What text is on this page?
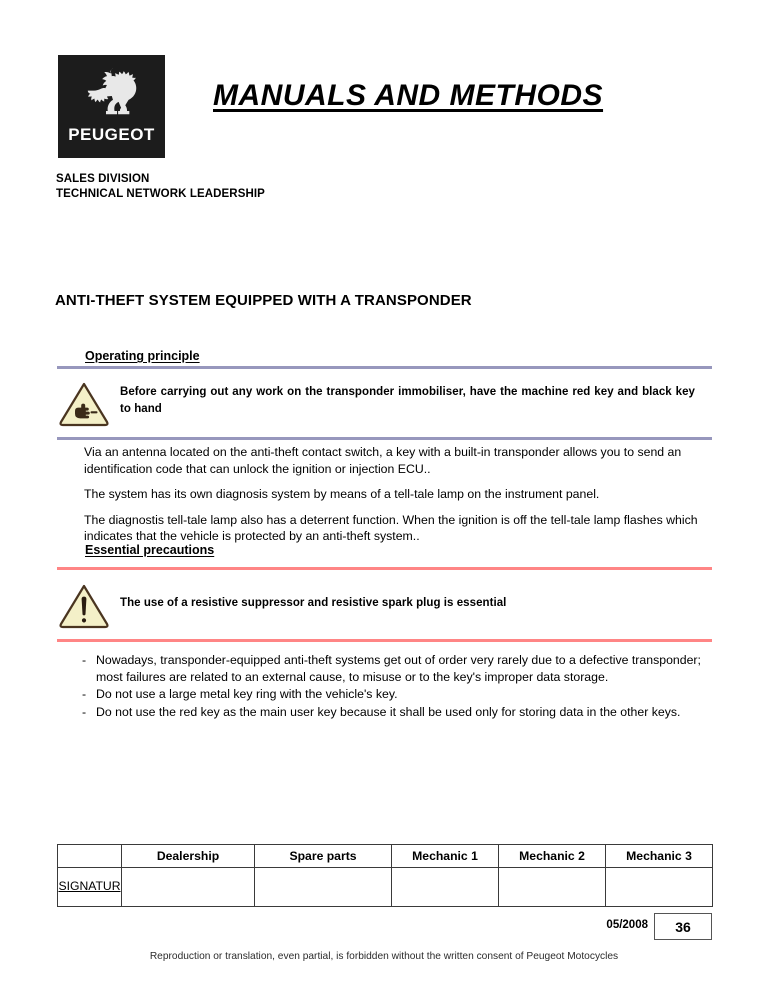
PEUGEOT
MANUALS AND METHODS
SALES DIVISION
TECHNICAL NETWORK LEADERSHIP
ANTI-THEFT SYSTEM EQUIPPED WITH A TRANSPONDER
Operating principle
Before carrying out any work on the transponder immobiliser, have the machine red key and black key to hand

Via an antenna located on the anti-theft contact switch, a key with a built-in transponder allows you to send an identification code that can unlock the ignition or injection ECU..

The system has its own diagnosis system by means of a tell-tale lamp on the instrument panel.

The diagnostis tell-tale lamp also has a deterrent function. When the ignition is off the tell-tale lamp flashes which indicates that the vehicle is protected by an anti-theft system..

Essential precautions
The use of a resistive suppressor and resistive spark plug is essential
- Nowadays, transponder-equipped anti-theft systems get out of order very rarely due to a defective transponder; most failures are related to an external cause, to misuse or to the key's improper data storage.
- Do not use a large metal key ring with the vehicle's key.
- Do not use the red key as the main user key because it shall be used only for storing data in the other keys.
	Dealership	Spare parts	Mechanic 1	Mechanic 2	Mechanic 3
SIGNATUR					
05/2008 36
Reproduction or translation, even partial, is forbidden without the written consent of Peugeot Motocycles
